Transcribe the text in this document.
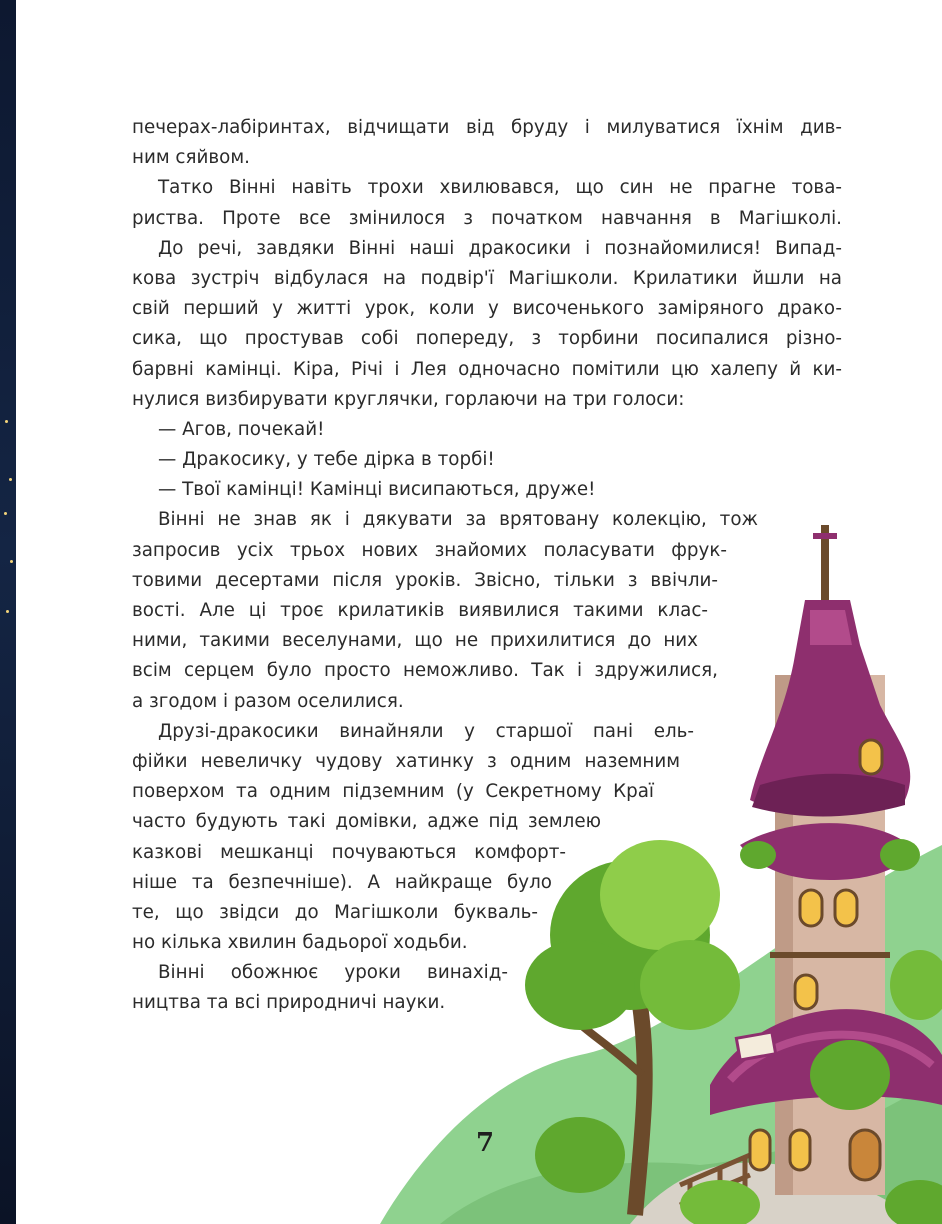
печерах-лабіринтах, відчищати від бруду і милуватися їхнім див-
ним сяйвом.
Татко Вінні навіть трохи хвилювався, що син не прагне това-
риства. Проте все змінилося з початком навчання в Магішколі.
До речі, завдяки Вінні наші дракосики і познайомилися! Випад-
кова зустріч відбулася на подвір'ї Магішколи. Крилатики йшли на
свій перший у житті урок, коли у височенького заміряного дракo-
сика, що простував собі попереду, з торбини посипалися різно-
барвні камінці. Кіра, Річі і Лея одночасно помітили цю халепу й ки-
нулися визбирувати круглячки, горлаючи на три голоси:
— Агов, почекай!
— Дракосику, у тебе дірка в торбі!
— Твої камінці! Камінці висипаються, друже!
Вінні не знав як і дякувати за врятовану колекцію, тож
запросив усіх трьох нових знайомих поласувати фрук-
товими десертами після уроків. Звісно, тільки з ввічли-
вості. Але ці троє крилатиків виявилися такими клас-
ними, такими веселунами, що не прихилитися до них
всім серцем було просто неможливо. Так і здружилися,
а згодом і разом оселилися.
Друзі-дракосики винайняли у старшої пані ель-
фійки невеличку чудову хатинку з одним наземним
поверхом та одним підземним (у Секретному Краї
часто будують такі домівки, адже під землею
казкові мешканці почуваються комфорт-
ніше та безпечніше). А найкраще було
те, що звідси до Магішколи буквaль-
но кілька хвилин бадьорої ходьби.
Вінні обожнює уроки винахід-
ництва та всі природничі науки.
7
